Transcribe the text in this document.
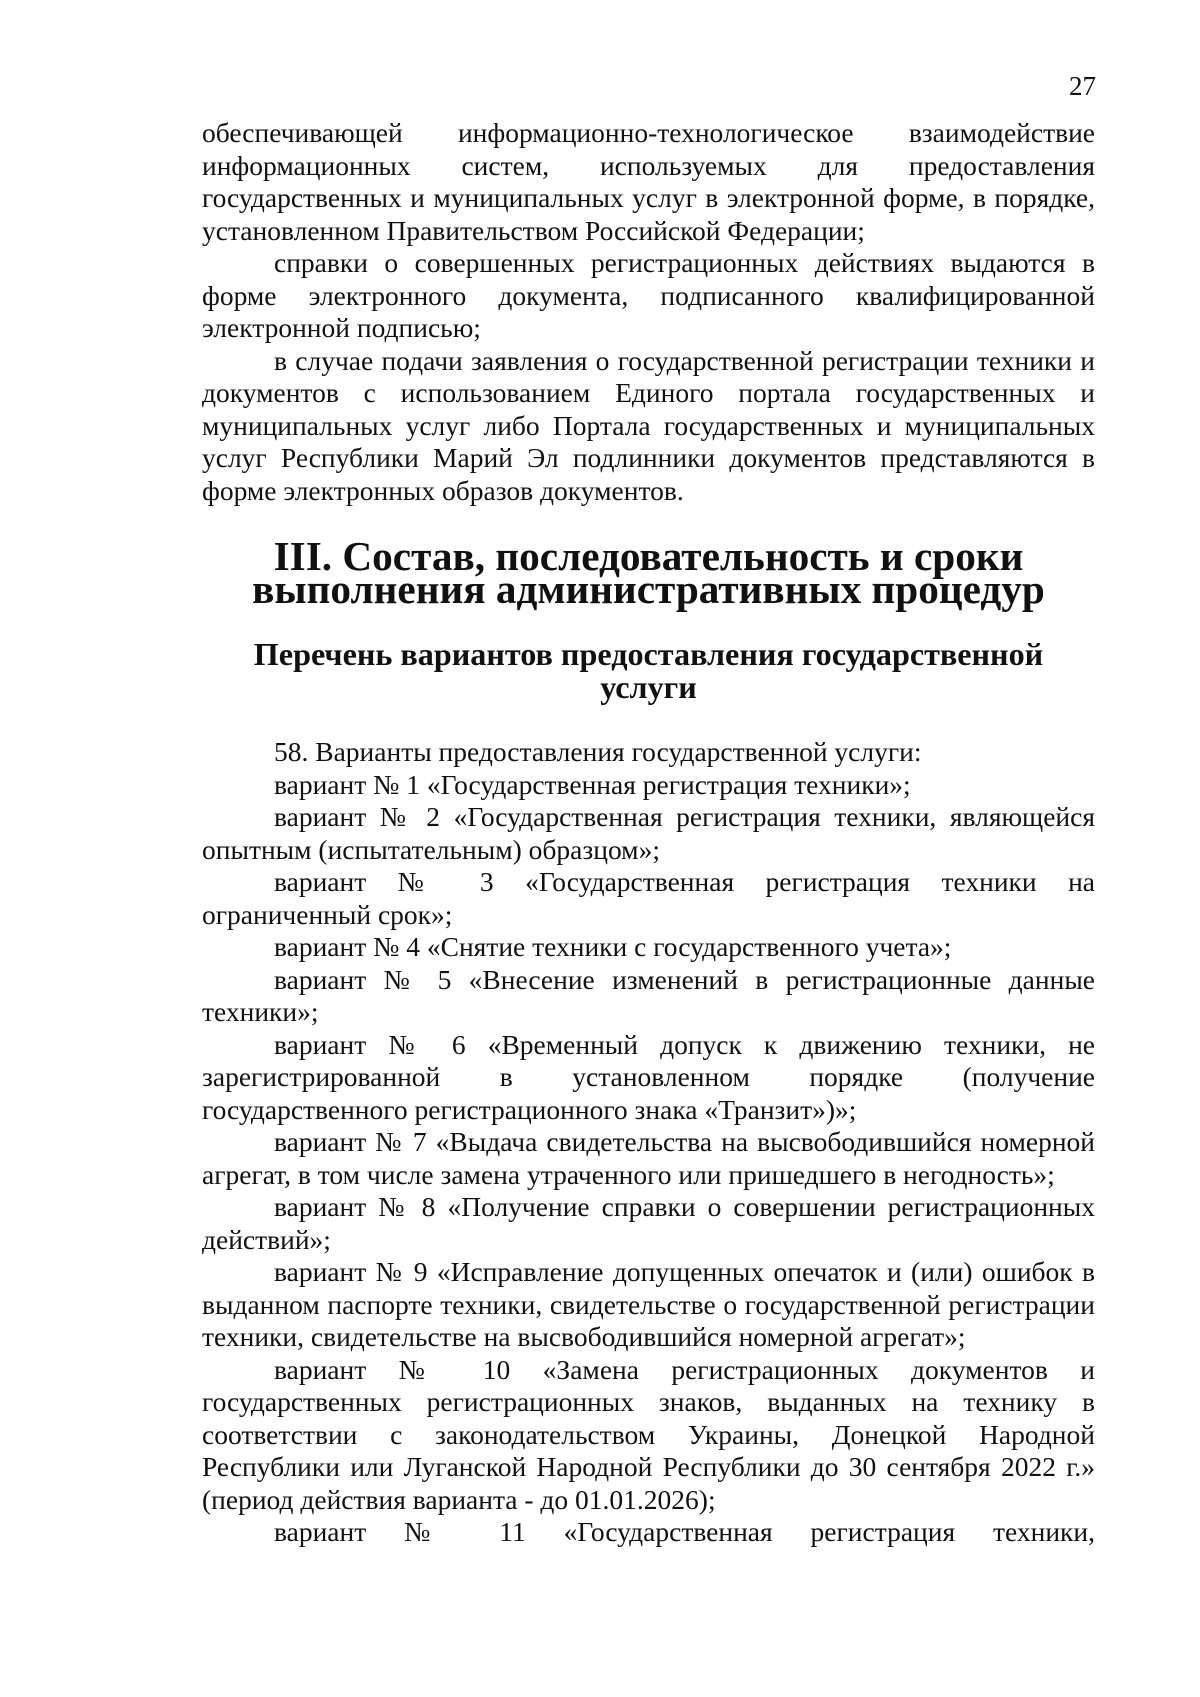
27

обеспечивающей информационно-технологическое взаимодействие информационных систем, используемых для предоставления государственных и муниципальных услуг в электронной форме, в порядке, установленном Правительством Российской Федерации;

справки о совершенных регистрационных действиях выдаются в форме электронного документа, подписанного квалифицированной электронной подписью;

в случае подачи заявления о государственной регистрации техники и документов с использованием Единого портала государственных и муниципальных услуг либо Портала государственных и муниципальных услуг Республики Марий Эл подлинники документов представляются в форме электронных образов документов.

III. Состав, последовательность и сроки выполнения административных процедур
Перечень вариантов предоставления государственной услуги

58. Варианты предоставления государственной услуги:

вариант № 1 «Государственная регистрация техники»;

вариант № 2 «Государственная регистрация техники, являющейся опытным (испытательным) образцом»;

вариант № 3 «Государственная регистрация техники на ограниченный срок»;

вариант № 4 «Снятие техники с государственного учета»;

вариант № 5 «Внесение изменений в регистрационные данные техники»;

вариант № 6 «Временный допуск к движению техники, не зарегистрированной в установленном порядке (получение государственного регистрационного знака «Транзит»)»;

вариант № 7 «Выдача свидетельства на высвободившийся номерной агрегат, в том числе замена утраченного или пришедшего в негодность»;

вариант № 8 «Получение справки о совершении регистрационных действий»;

вариант № 9 «Исправление допущенных опечаток и (или) ошибок в выданном паспорте техники, свидетельстве о государственной регистрации техники, свидетельстве на высвободившийся номерной агрегат»;

вариант № 10 «Замена регистрационных документов и государственных регистрационных знаков, выданных на технику в соответствии с законодательством Украины, Донецкой Народной Республики или Луганской Народной Республики до 30 сентября 2022 г.» (период действия варианта - до 01.01.2026);

вариант № 11 «Государственная регистрация техники,
